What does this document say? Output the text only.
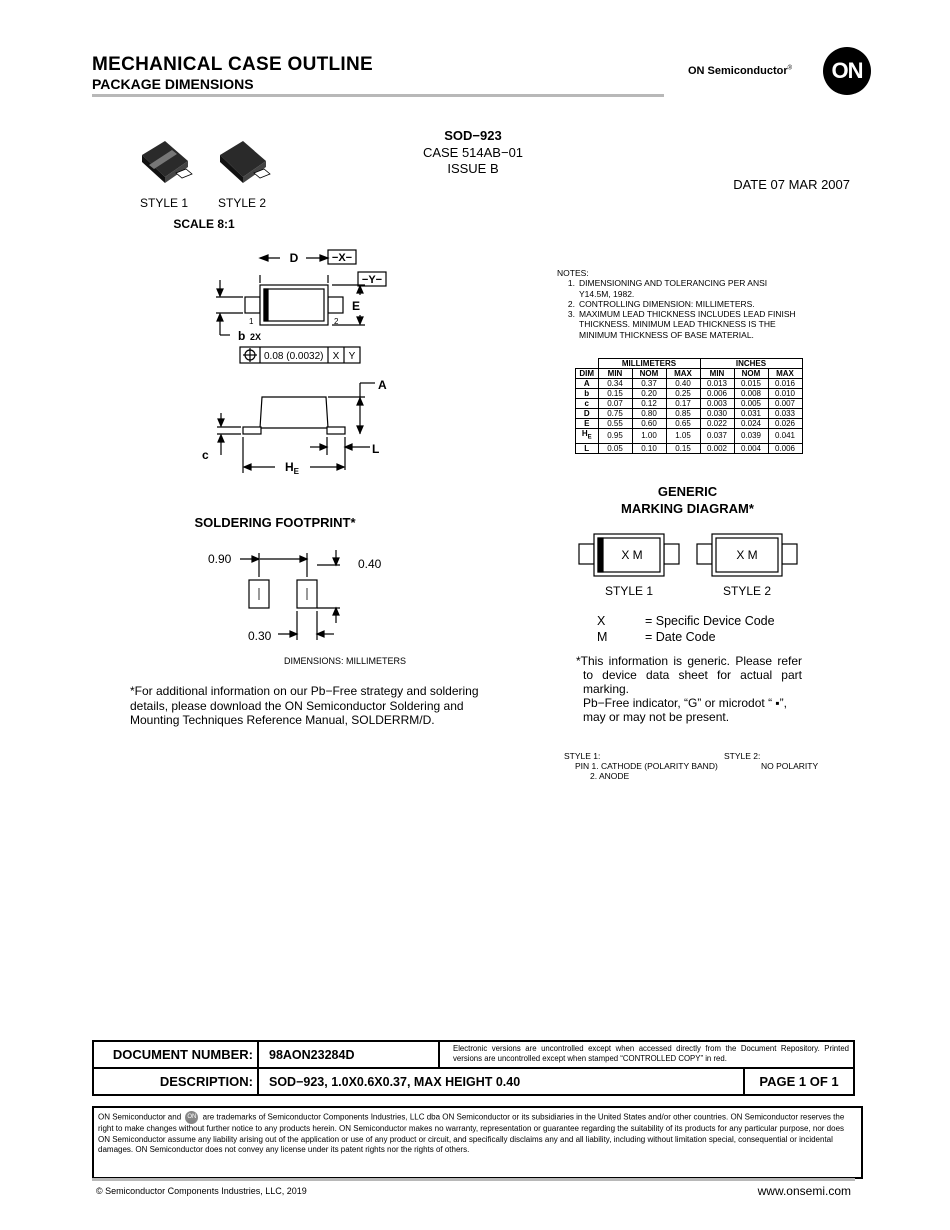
MECHANICAL CASE OUTLINE
PACKAGE DIMENSIONS
ON Semiconductor®	ON
SOD−923
CASE 514AB−01
ISSUE B
DATE 07 MAR 2007
STYLE 1 STYLE 2
SCALE 8:1
D	−X−
−Y−
E
1	2
b 2X
0.08 (0.0032) X Y
A
c	L
$H_E$
NOTES:
1. DIMENSIONING AND TOLERANCING PER ANSI Y14.5M, 1982.
2. CONTROLLING DIMENSION: MILLIMETERS.
3. MAXIMUM LEAD THICKNESS INCLUDES LEAD FINISH THICKNESS. MINIMUM LEAD THICKNESS IS THE MINIMUM THICKNESS OF BASE MATERIAL.
	MILLIMETERS			INCHES		
DIM	MIN	NOM	MAX	MIN	NOM	MAX
A	0.34	0.37	0.40	0.013	0.015	0.016
b	0.15	0.20	0.25	0.006	0.008	0.010
c	0.07	0.12	0.17	0.003	0.005	0.007
D	0.75	0.80	0.85	0.030	0.031	0.033
E	0.55	0.60	0.65	0.022	0.024	0.026
$H_E$	0.95	1.00	1.05	0.037	0.039	0.041
L	0.05	0.10	0.15	0.002	0.004	0.006
SOLDERING FOOTPRINT*
0.90	0.40
0.30
DIMENSIONS: MILLIMETERS
*For additional information on our Pb−Free strategy and soldering details, please download the ON Semiconductor Soldering and Mounting Techniques Reference Manual, SOLDERRM/D.
GENERIC
MARKING DIAGRAM*
X M	X M
STYLE 1	STYLE 2
X	= Specific Device Code
M	= Date Code
*This information is generic. Please refer to device data sheet for actual part marking.
Pb−Free indicator, “G” or microdot “ ▪”, may or may not be present.
STYLE 1:
PIN 1. CATHODE (POLARITY BAND)
2. ANODE
STYLE 2:
NO POLARITY
DOCUMENT NUMBER:	98AON23284D	Electronic versions are uncontrolled except when accessed directly from the Document Repository. Printed versions are uncontrolled except when stamped “CONTROLLED COPY” in red.
DESCRIPTION:	SOD−923, 1.0X0.6X0.37, MAX HEIGHT 0.40	PAGE 1 OF 1
ON Semiconductor and ON are trademarks of Semiconductor Components Industries, LLC dba ON Semiconductor or its subsidiaries in the United States and/or other countries. ON Semiconductor reserves the right to make changes without further notice to any products herein. ON Semiconductor makes no warranty, representation or guarantee regarding the suitability of its products for any particular purpose, nor does ON Semiconductor assume any liability arising out of the application or use of any product or circuit, and specifically disclaims any and all liability, including without limitation special, consequential or incidental damages. ON Semiconductor does not convey any license under its patent rights nor the rights of others.
© Semiconductor Components Industries, LLC, 2019	www.onsemi.com
